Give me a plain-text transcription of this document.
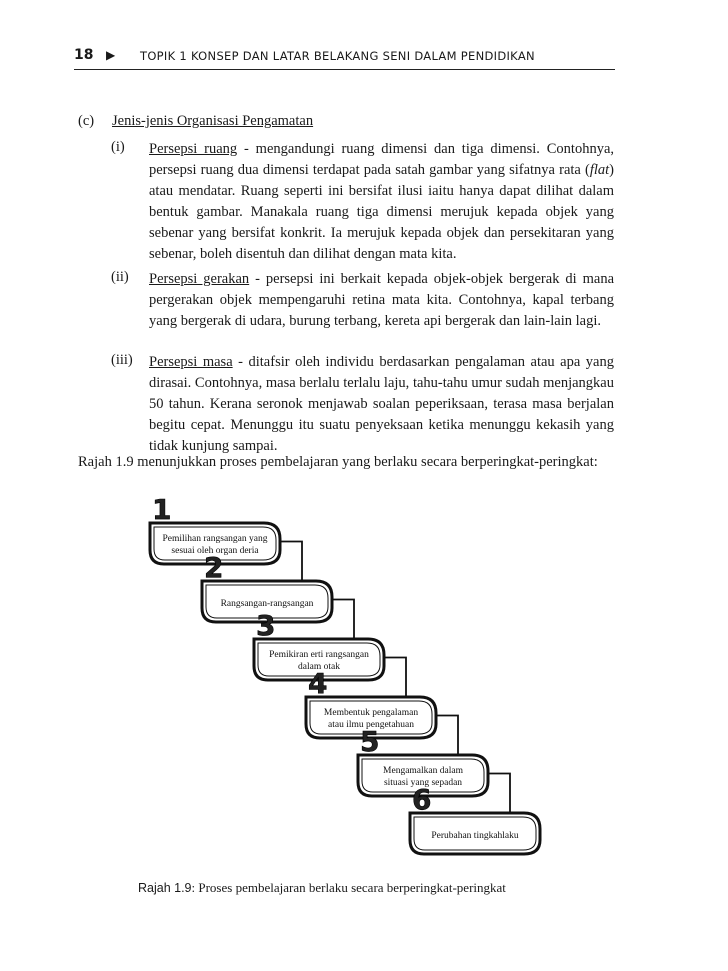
18 ▶ TOPIK 1 KONSEP DAN LATAR BELAKANG SENI DALAM PENDIDIKAN
(c) Jenis-jenis Organisasi Pengamatan
(i) Persepsi ruang - mengandungi ruang dimensi dan tiga dimensi. Contohnya, persepsi ruang dua dimensi terdapat pada satah gambar yang sifatnya rata (flat) atau mendatar. Ruang seperti ini bersifat ilusi iaitu hanya dapat dilihat dalam bentuk gambar. Manakala ruang tiga dimensi merujuk kepada objek yang sebenar yang bersifat konkrit. Ia merujuk kepada objek dan persekitaran yang sebenar, boleh disentuh dan dilihat dengan mata kita.
(ii) Persepsi gerakan - persepsi ini berkait kepada objek-objek bergerak di mana pergerakan objek mempengaruhi retina mata kita. Contohnya, kapal terbang yang bergerak di udara, burung terbang, kereta api bergerak dan lain-lain lagi.
(iii) Persepsi masa - ditafsir oleh individu berdasarkan pengalaman atau apa yang dirasai. Contohnya, masa berlalu terlalu laju, tahu-tahu umur sudah menjangkau 50 tahun. Kerana seronok menjawab soalan peperiksaan, terasa masa berjalan begitu cepat. Menunggu itu suatu penyeksaan ketika menunggu kekasih yang tidak kunjung sampai.
Rajah 1.9 menunjukkan proses pembelajaran yang berlaku secara berperingkat-peringkat:
1
Pemilihan rangsangan yang
sesuai oleh organ deria
2
Rangsangan-rangsangan
3
Pemikiran erti rangsangan
dalam otak
4
Membentuk pengalaman
atau ilmu pengetahuan
5
Mengamalkan dalam
situasi yang sepadan
6
Perubahan tingkahlaku
Rajah 1.9: Proses pembelajaran berlaku secara berperingkat-peringkat
